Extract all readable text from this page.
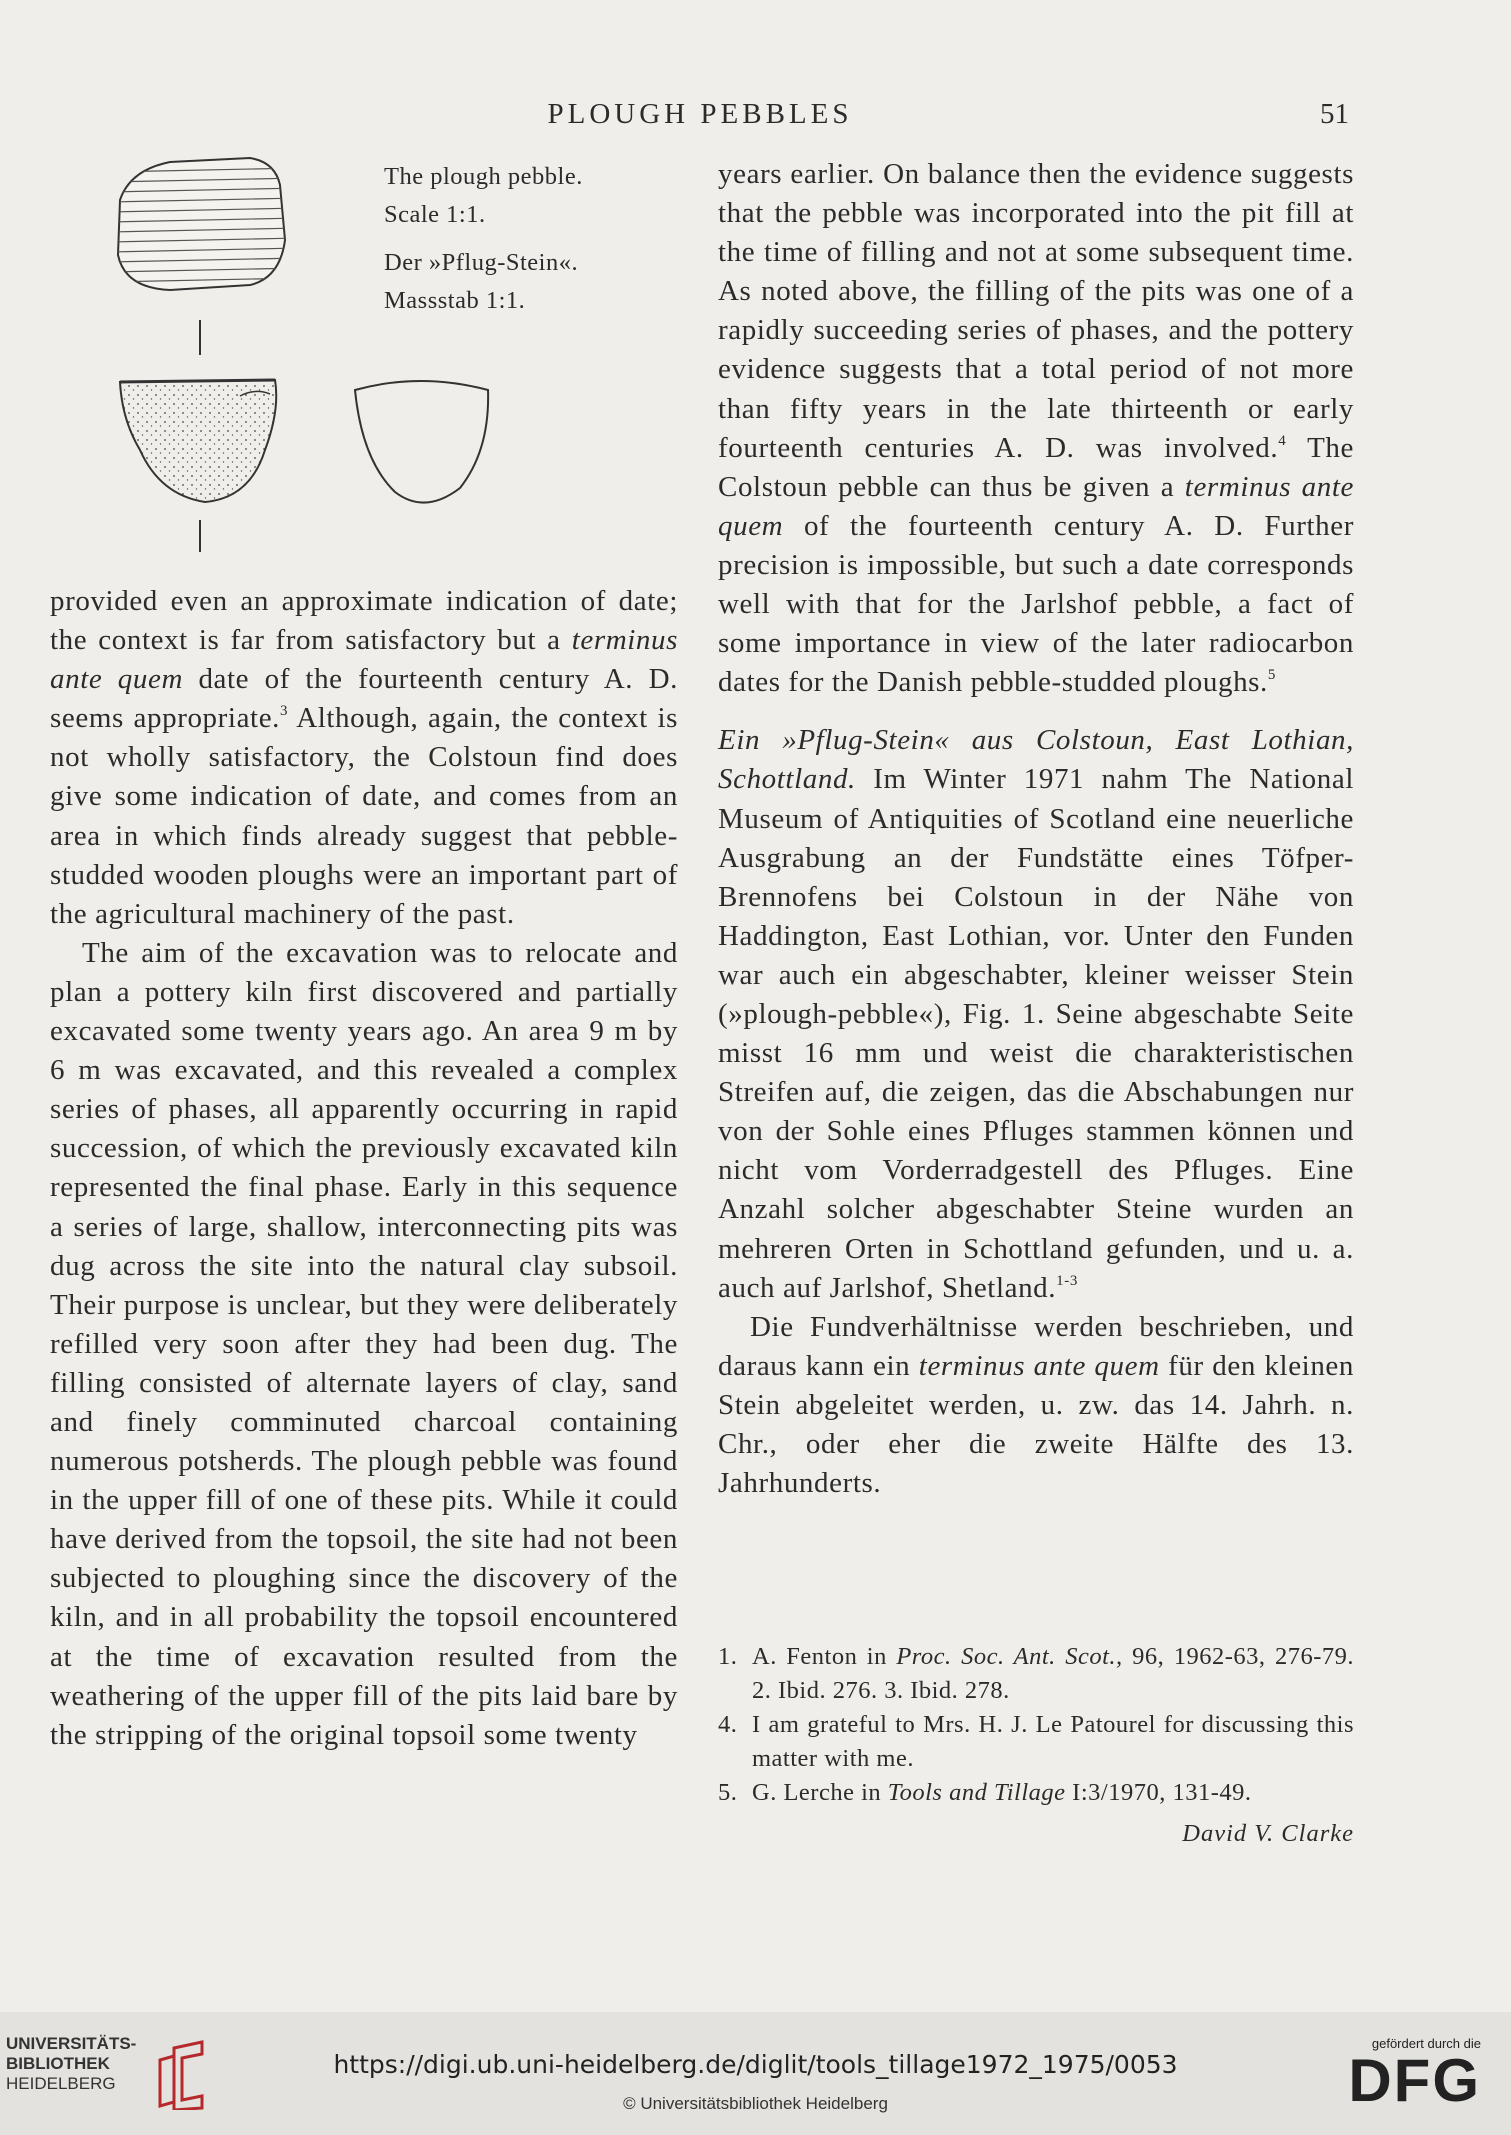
PLOUGH PEBBLES	51
The plough pebble.
Scale 1:1.
Der »Pflug-Stein«.
Massstab 1:1.

provided even an approximate indication of date; the context is far from satisfactory but a terminus ante quem date of the fourteenth century A. D. seems appropriate.$^3$ Although, again, the context is not wholly satisfactory, the Colstoun find does give some indication of date, and comes from an area in which finds already suggest that pebble-studded wooden ploughs were an important part of the agricultural machinery of the past.

The aim of the excavation was to relocate and plan a pottery kiln first discovered and partially excavated some twenty years ago. An area 9 m by 6 m was excavated, and this revealed a complex series of phases, all apparently occurring in rapid succession, of which the previously excavated kiln represented the final phase. Early in this sequence a series of large, shallow, interconnecting pits was dug across the site into the natural clay subsoil. Their purpose is unclear, but they were deliberately refilled very soon after they had been dug. The filling consisted of alternate layers of clay, sand and finely comminuted charcoal containing numerous potsherds. The plough pebble was found in the upper fill of one of these pits. While it could have derived from the topsoil, the site had not been subjected to ploughing since the discovery of the kiln, and in all probability the topsoil encountered at the time of excavation resulted from the weathering of the upper fill of the pits laid bare by the stripping of the original topsoil some twenty

years earlier. On balance then the evidence suggests that the pebble was incorporated into the pit fill at the time of filling and not at some subsequent time. As noted above, the filling of the pits was one of a rapidly succeeding series of phases, and the pottery evidence suggests that a total period of not more than fifty years in the late thirteenth or early fourteenth centuries A. D. was involved.$^4$ The Colstoun pebble can thus be given a terminus ante quem of the fourteenth century A. D. Further precision is impossible, but such a date corresponds well with that for the Jarlshof pebble, a fact of some importance in view of the later radiocarbon dates for the Danish pebble-studded ploughs.$^5$

Ein »Pflug-Stein« aus Colstoun, East Lothian, Schottland. Im Winter 1971 nahm The National Museum of Antiquities of Scotland eine neuerliche Ausgrabung an der Fundstätte eines Töfper-Brennofens bei Colstoun in der Nähe von Haddington, East Lothian, vor. Unter den Funden war auch ein abgeschabter, kleiner weisser Stein (»plough-pebble«), Fig. 1. Seine abgeschabte Seite misst 16 mm und weist die charakteristischen Streifen auf, die zeigen, das die Abschabungen nur von der Sohle eines Pfluges stammen können und nicht vom Vorderradgestell des Pfluges. Eine Anzahl solcher abgeschabter Steine wurden an mehreren Orten in Schottland gefunden, und u. a. auch auf Jarlshof, Shetland.$^{1-3}$

Die Fundverhältnisse werden beschrieben, und daraus kann ein terminus ante quem für den kleinen Stein abgeleitet werden, u. zw. das 14. Jahrh. n. Chr., oder eher die zweite Hälfte des 13. Jahrhunderts.

1. A. Fenton in Proc. Soc. Ant. Scot., 96, 1962-63, 276-79. 2. Ibid. 276. 3. Ibid. 278.
4. I am grateful to Mrs. H. J. Le Patourel for discussing this matter with me.
5. G. Lerche in Tools and Tillage I:3/1970, 131-49.
David V. Clarke
UNIVERSITÄTS-
BIBLIOTHEK
HEIDELBERG
https://digi.ub.uni-heidelberg.de/diglit/tools_tillage1972_1975/0053
© Universitätsbibliothek Heidelberg
gefördert durch die
DFG
